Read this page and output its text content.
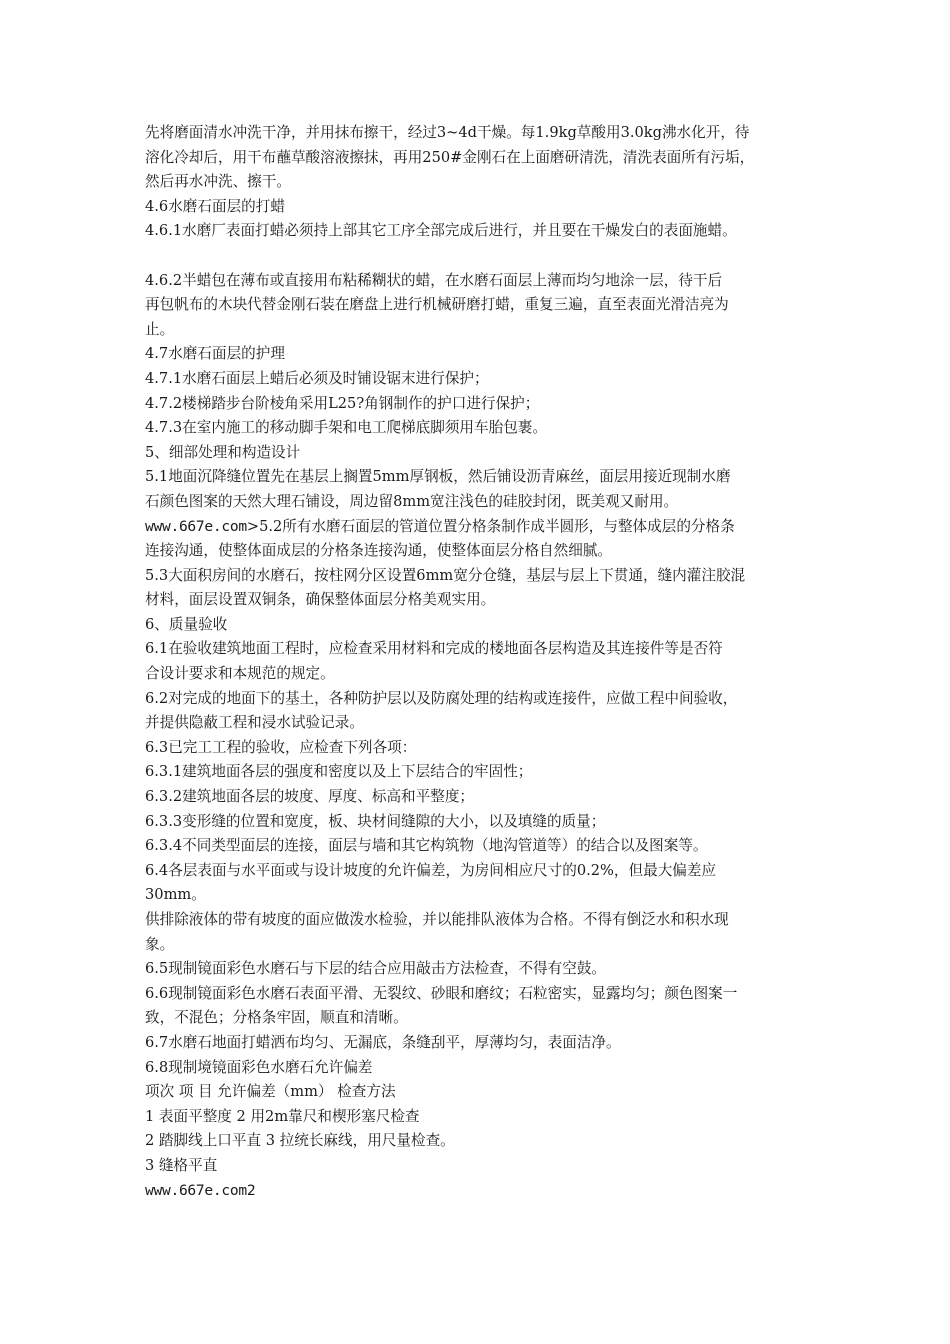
先将磨面清水冲洗干净，并用抹布擦干，经过3~4d干燥。每1.9kg草酸用3.0kg沸水化开，待
溶化冷却后，用干布蘸草酸溶液擦抹，再用250#金刚石在上面磨研清洗，清洗表面所有污垢，
然后再水冲洗、擦干。
4.6水磨石面层的打蜡
4.6.1水磨厂表面打蜡必须持上部其它工序全部完成后进行，并且要在干燥发白的表面施蜡。
4.6.2半蜡包在薄布或直接用布粘稀糊状的蜡，在水磨石面层上薄而均匀地涂一层，待干后
再包帆布的木块代替金刚石装在磨盘上进行机械研磨打蜡，重复三遍，直至表面光滑洁亮为
止。
4.7水磨石面层的护理
4.7.1水磨石面层上蜡后必须及时铺设锯末进行保护；
4.7.2楼梯踏步台阶棱角采用L25?角钢制作的护口进行保护；
4.7.3在室内施工的移动脚手架和电工爬梯底脚须用车胎包裹。
5、细部处理和构造设计
5.1地面沉降缝位置先在基层上搁置5mm厚钢板，然后铺设沥青麻丝，面层用接近现制水磨
石颜色图案的天然大理石铺设，周边留8mm宽注浅色的硅胶封闭，既美观又耐用。
www.667e.com>5.2所有水磨石面层的管道位置分格条制作成半圆形，与整体成层的分格条
连接沟通，使整体面成层的分格条连接沟通，使整体面层分格自然细腻。
5.3大面积房间的水磨石，按柱网分区设置6mm宽分仓缝，基层与层上下贯通，缝内灌注胶混
材料，面层设置双铜条，确保整体面层分格美观实用。
6、质量验收
6.1在验收建筑地面工程时，应检查采用材料和完成的楼地面各层构造及其连接件等是否符
合设计要求和本规范的规定。
6.2对完成的地面下的基土，各种防护层以及防腐处理的结构或连接件，应做工程中间验收，
并提供隐蔽工程和浸水试验记录。
6.3已完工工程的验收，应检查下列各项：
6.3.1建筑地面各层的强度和密度以及上下层结合的牢固性；
6.3.2建筑地面各层的坡度、厚度、标高和平整度；
6.3.3变形缝的位置和宽度，板、块材间缝隙的大小，以及填缝的质量；
6.3.4不同类型面层的连接，面层与墙和其它构筑物（地沟管道等）的结合以及图案等。
6.4各层表面与水平面或与设计坡度的允许偏差，为房间相应尺寸的0.2%，但最大偏差应
30mm。
供排除液体的带有坡度的面应做泼水检验，并以能排队液体为合格。不得有倒泛水和积水现
象。
6.5现制镜面彩色水磨石与下层的结合应用敲击方法检查，不得有空鼓。
6.6现制镜面彩色水磨石表面平滑、无裂纹、砂眼和磨纹；石粒密实，显露均匀；颜色图案一
致，不混色；分格条牢固，顺直和清晰。
6.7水磨石地面打蜡洒布均匀、无漏底，条缝刮平，厚薄均匀，表面洁净。
6.8现制境镜面彩色水磨石允许偏差
项次 项 目 允许偏差（mm） 检查方法
1 表面平整度 2 用2m靠尺和楔形塞尺检查
2 踏脚线上口平直 3 拉统长麻线，用尺量检查。
3 缝格平直
www.667e.com2
